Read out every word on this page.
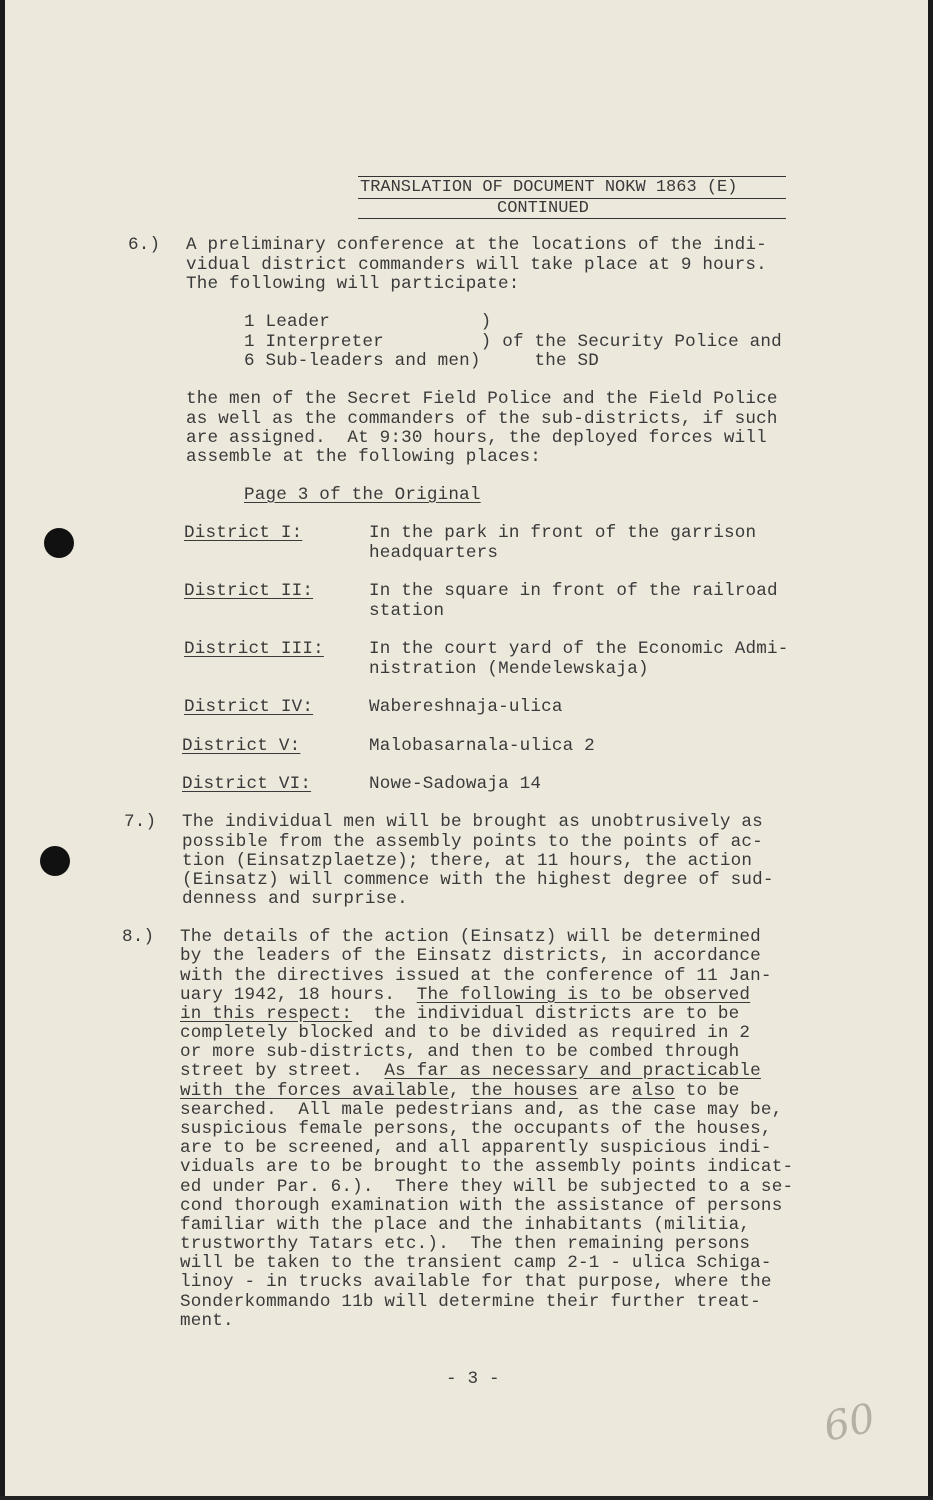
TRANSLATION OF DOCUMENT NOKW 1863 (E)
CONTINUED
6.) A preliminary conference at the locations of the indi-
vidual district commanders will take place at 9 hours.
The following will participate:
1 Leader              )
1 Interpreter         ) of the Security Police and
6 Sub-leaders and men)     the SD
the men of the Secret Field Police and the Field Police
as well as the commanders of the sub-districts, if such
are assigned.  At 9:30 hours, the deployed forces will
assemble at the following places:
Page 3 of the Original
District I:	In the park in front of the garrison
headquarters
District II:	In the square in front of the railroad
station
District III:	In the court yard of the Economic Admi-
nistration (Mendelewskaja)
District IV:	Wabereshnaja-ulica
District V:	Malobasarnala-ulica 2
District VI:	Nowe-Sadowaja 14
7.) The individual men will be brought as unobtrusively as
possible from the assembly points to the points of ac-
tion (Einsatzplaetze); there, at 11 hours, the action
(Einsatz) will commence with the highest degree of sud-
denness and surprise.
8.) The details of the action (Einsatz) will be determined
by the leaders of the Einsatz districts, in accordance
with the directives issued at the conference of 11 Jan-
uary 1942, 18 hours.  The following is to be observed
in this respect:  the individual districts are to be
completely blocked and to be divided as required in 2
or more sub-districts, and then to be combed through
street by street.  As far as necessary and practicable
with the forces available, the houses are also to be
searched.  All male pedestrians and, as the case may be,
suspicious female persons, the occupants of the houses,
are to be screened, and all apparently suspicious indi-
viduals are to be brought to the assembly points indicat-
ed under Par. 6.).  There they will be subjected to a se-
cond thorough examination with the assistance of persons
familiar with the place and the inhabitants (militia,
trustworthy Tatars etc.).  The then remaining persons
will be taken to the transient camp 2-1 - ulica Schiga-
linoy - in trucks available for that purpose, where the
Sonderkommando 11b will determine their further treat-
ment.
- 3 -
60
